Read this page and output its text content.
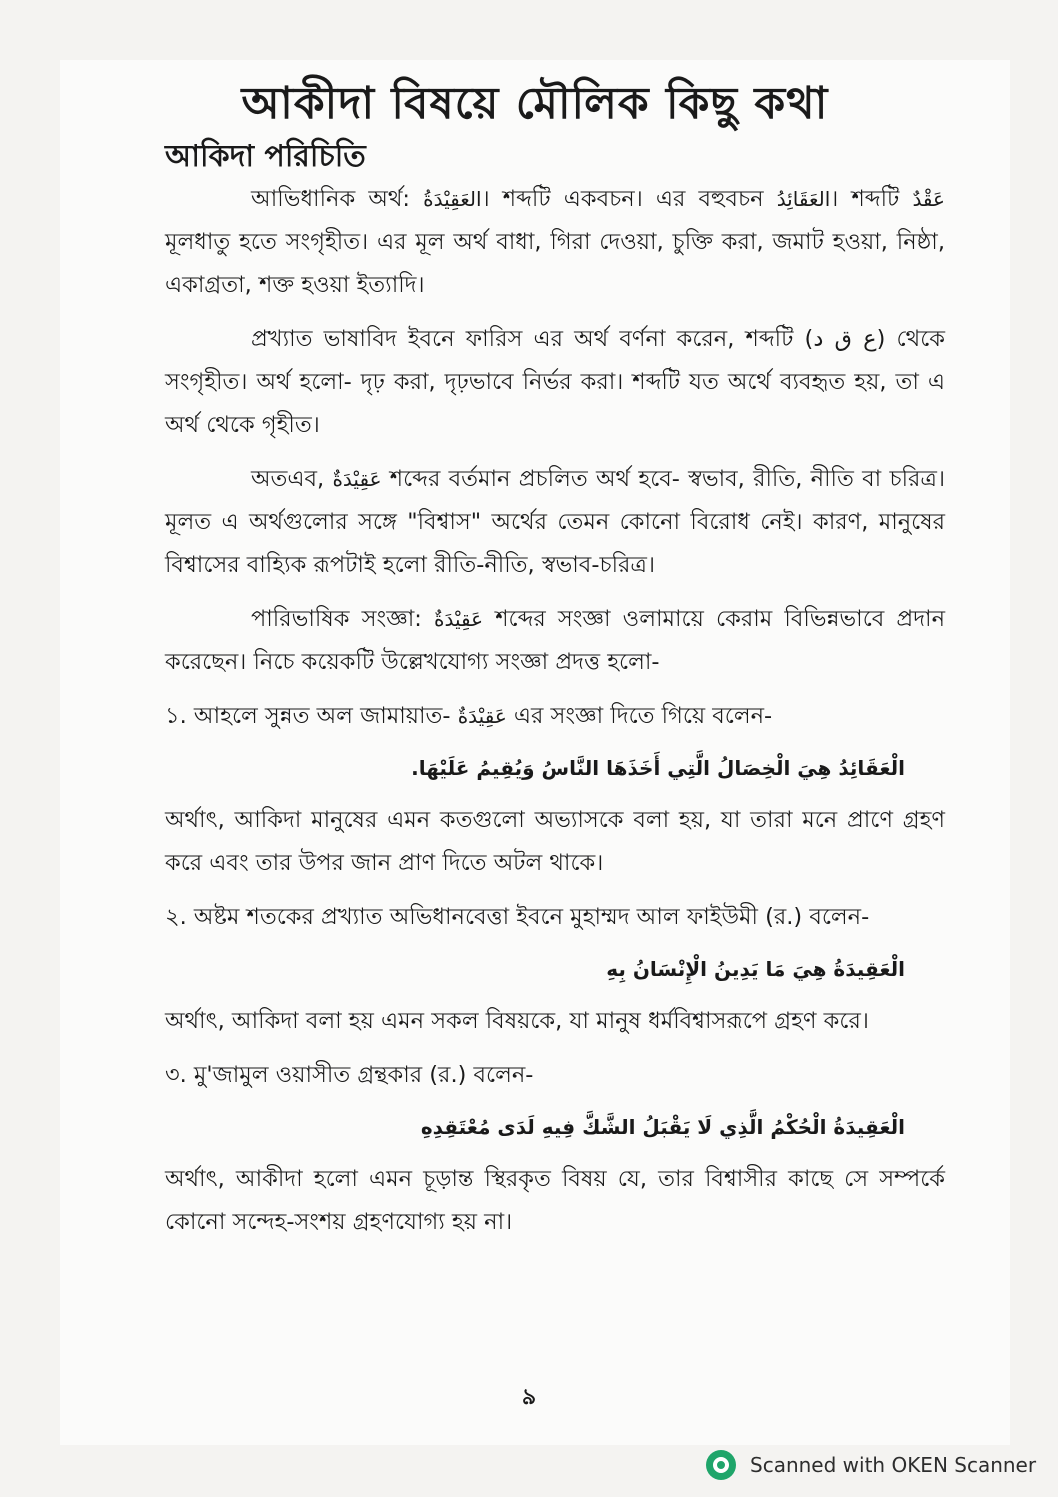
আকীদা বিষয়ে মৌলিক কিছু কথা
আকিদা পরিচিতি

আভিধানিক অর্থ: العَقِيْدَةُ। শব্দটি একবচন। এর বহুবচন العَقَائِدُ। শব্দটি عَقْدٌ মূলধাতু হতে সংগৃহীত। এর মূল অর্থ বাধা, গিরা দেওয়া, চুক্তি করা, জমাট হওয়া, নিষ্ঠা, একাগ্রতা, শক্ত হওয়া ইত্যাদি।

প্রখ্যাত ভাষাবিদ ইবনে ফারিস এর অর্থ বর্ণনা করেন, শব্দটি (ع ق د) থেকে সংগৃহীত। অর্থ হলো- দৃঢ় করা, দৃঢ়ভাবে নির্ভর করা। শব্দটি যত অর্থে ব্যবহৃত হয়, তা এ অর্থ থেকে গৃহীত।

অতএব, عَقِيْدَةٌ শব্দের বর্তমান প্রচলিত অর্থ হবে- স্বভাব, রীতি, নীতি বা চরিত্র। মূলত এ অর্থগুলোর সঙ্গে "বিশ্বাস" অর্থের তেমন কোনো বিরোধ নেই। কারণ, মানুষের বিশ্বাসের বাহ্যিক রূপটাই হলো রীতি-নীতি, স্বভাব-চরিত্র।

পারিভাষিক সংজ্ঞা: عَقِيْدَةٌ শব্দের সংজ্ঞা ওলামায়ে কেরাম বিভিন্নভাবে প্রদান করেছেন। নিচে কয়েকটি উল্লেখযোগ্য সংজ্ঞা প্রদত্ত হলো-

১. আহলে সুন্নত অল জামায়াত- عَقِيْدَةٌ এর সংজ্ঞা দিতে গিয়ে বলেন-

الْعَقَائِدُ هِيَ الْخِصَالُ الَّتِي أَخَذَهَا النَّاسُ وَيُقِيمُ عَلَيْهَا.

অর্থাৎ, আকিদা মানুষের এমন কতগুলো অভ্যাসকে বলা হয়, যা তারা মনে প্রাণে গ্রহণ করে এবং তার উপর জান প্রাণ দিতে অটল থাকে।

২. অষ্টম শতকের প্রখ্যাত অভিধানবেত্তা ইবনে মুহাম্মদ আল ফাইউমী (র.) বলেন-

الْعَقِيدَةُ هِيَ مَا يَدِينُ الْإِنْسَانُ بِهِ

অর্থাৎ, আকিদা বলা হয় এমন সকল বিষয়কে, যা মানুষ ধর্মবিশ্বাসরূপে গ্রহণ করে।

৩. মু'জামুল ওয়াসীত গ্রন্থকার (র.) বলেন-

الْعَقِيدَةُ الْحُكْمُ الَّذِي لَا يَقْبَلُ الشَّكَّ فِيهِ لَدَى مُعْتَقِدِهِ

অর্থাৎ, আকীদা হলো এমন চূড়ান্ত স্থিরকৃত বিষয় যে, তার বিশ্বাসীর কাছে সে সম্পর্কে কোনো সন্দেহ-সংশয় গ্রহণযোগ্য হয় না।

৯
Scanned with OKEN Scanner
